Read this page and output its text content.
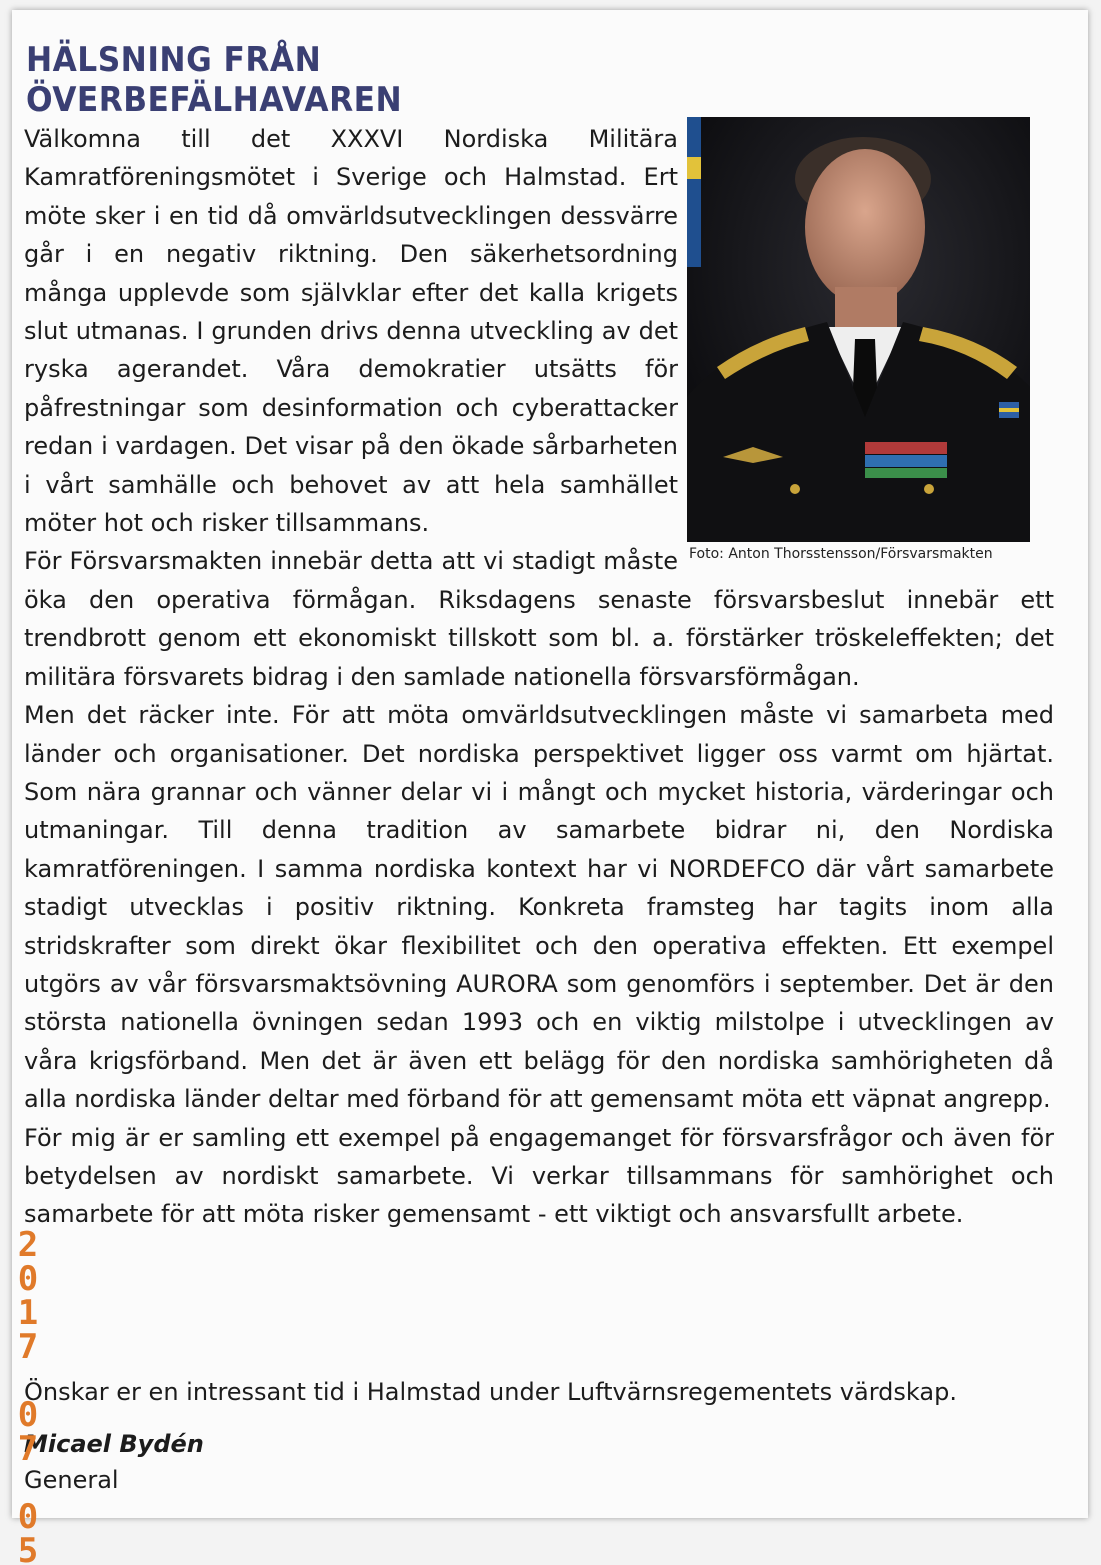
HÄLSNING FRÅN ÖVERBEFÄLHAVAREN
Foto: Anton Thorsstensson/Försvarsmakten

Välkomna till det XXXVI Nordiska Militära Kamratföreningsmötet i Sverige och Halmstad. Ert möte sker i en tid då omvärldsutvecklingen dessvärre går i en negativ riktning. Den säkerhetsordning många upplevde som självklar efter det kalla krigets slut utmanas. I grunden drivs denna utveckling av det ryska agerandet. Våra demokratier utsätts för påfrestningar som desinformation och cyberattacker redan i vardagen. Det visar på den ökade sårbarheten i vårt samhälle och behovet av att hela samhället möter hot och risker tillsammans.

För Försvarsmakten innebär detta att vi stadigt måste öka den operativa förmågan. Riksdagens senaste försvarsbeslut innebär ett trendbrott genom ett ekonomiskt tillskott som bl. a. förstärker tröskeleffekten; det militära försvarets bidrag i den samlade nationella försvarsförmågan.

Men det räcker inte. För att möta omvärldsutvecklingen måste vi samarbeta med länder och organisationer. Det nordiska perspektivet ligger oss varmt om hjärtat. Som nära grannar och vänner delar vi i mångt och mycket historia, värderingar och utmaningar. Till denna tradition av samarbete bidrar ni, den Nordiska kamratföreningen. I samma nordiska kontext har vi NORDEFCO där vårt samarbete stadigt utvecklas i positiv riktning. Konkreta framsteg har tagits inom alla stridskrafter som direkt ökar flexibilitet och den operativa effekten. Ett exempel utgörs av vår försvarsmaktsövning AURORA som genomförs i september. Det är den största nationella övningen sedan 1993 och en viktig milstolpe i utvecklingen av våra krigsförband. Men det är även ett belägg för den nordiska samhörigheten då alla nordiska länder deltar med förband för att gemensamt möta ett väpnat angrepp.

För mig är er samling ett exempel på engagemanget för försvarsfrågor och även för betydelsen av nordiskt samarbete. Vi verkar tillsammans för samhörighet och samarbete för att möta risker gemensamt - ett viktigt och ansvarsfullt arbete.

Önskar er en intressant tid i Halmstad under Luftvärnsregementets värdskap.

Micael Bydén
General
2017 07 05
